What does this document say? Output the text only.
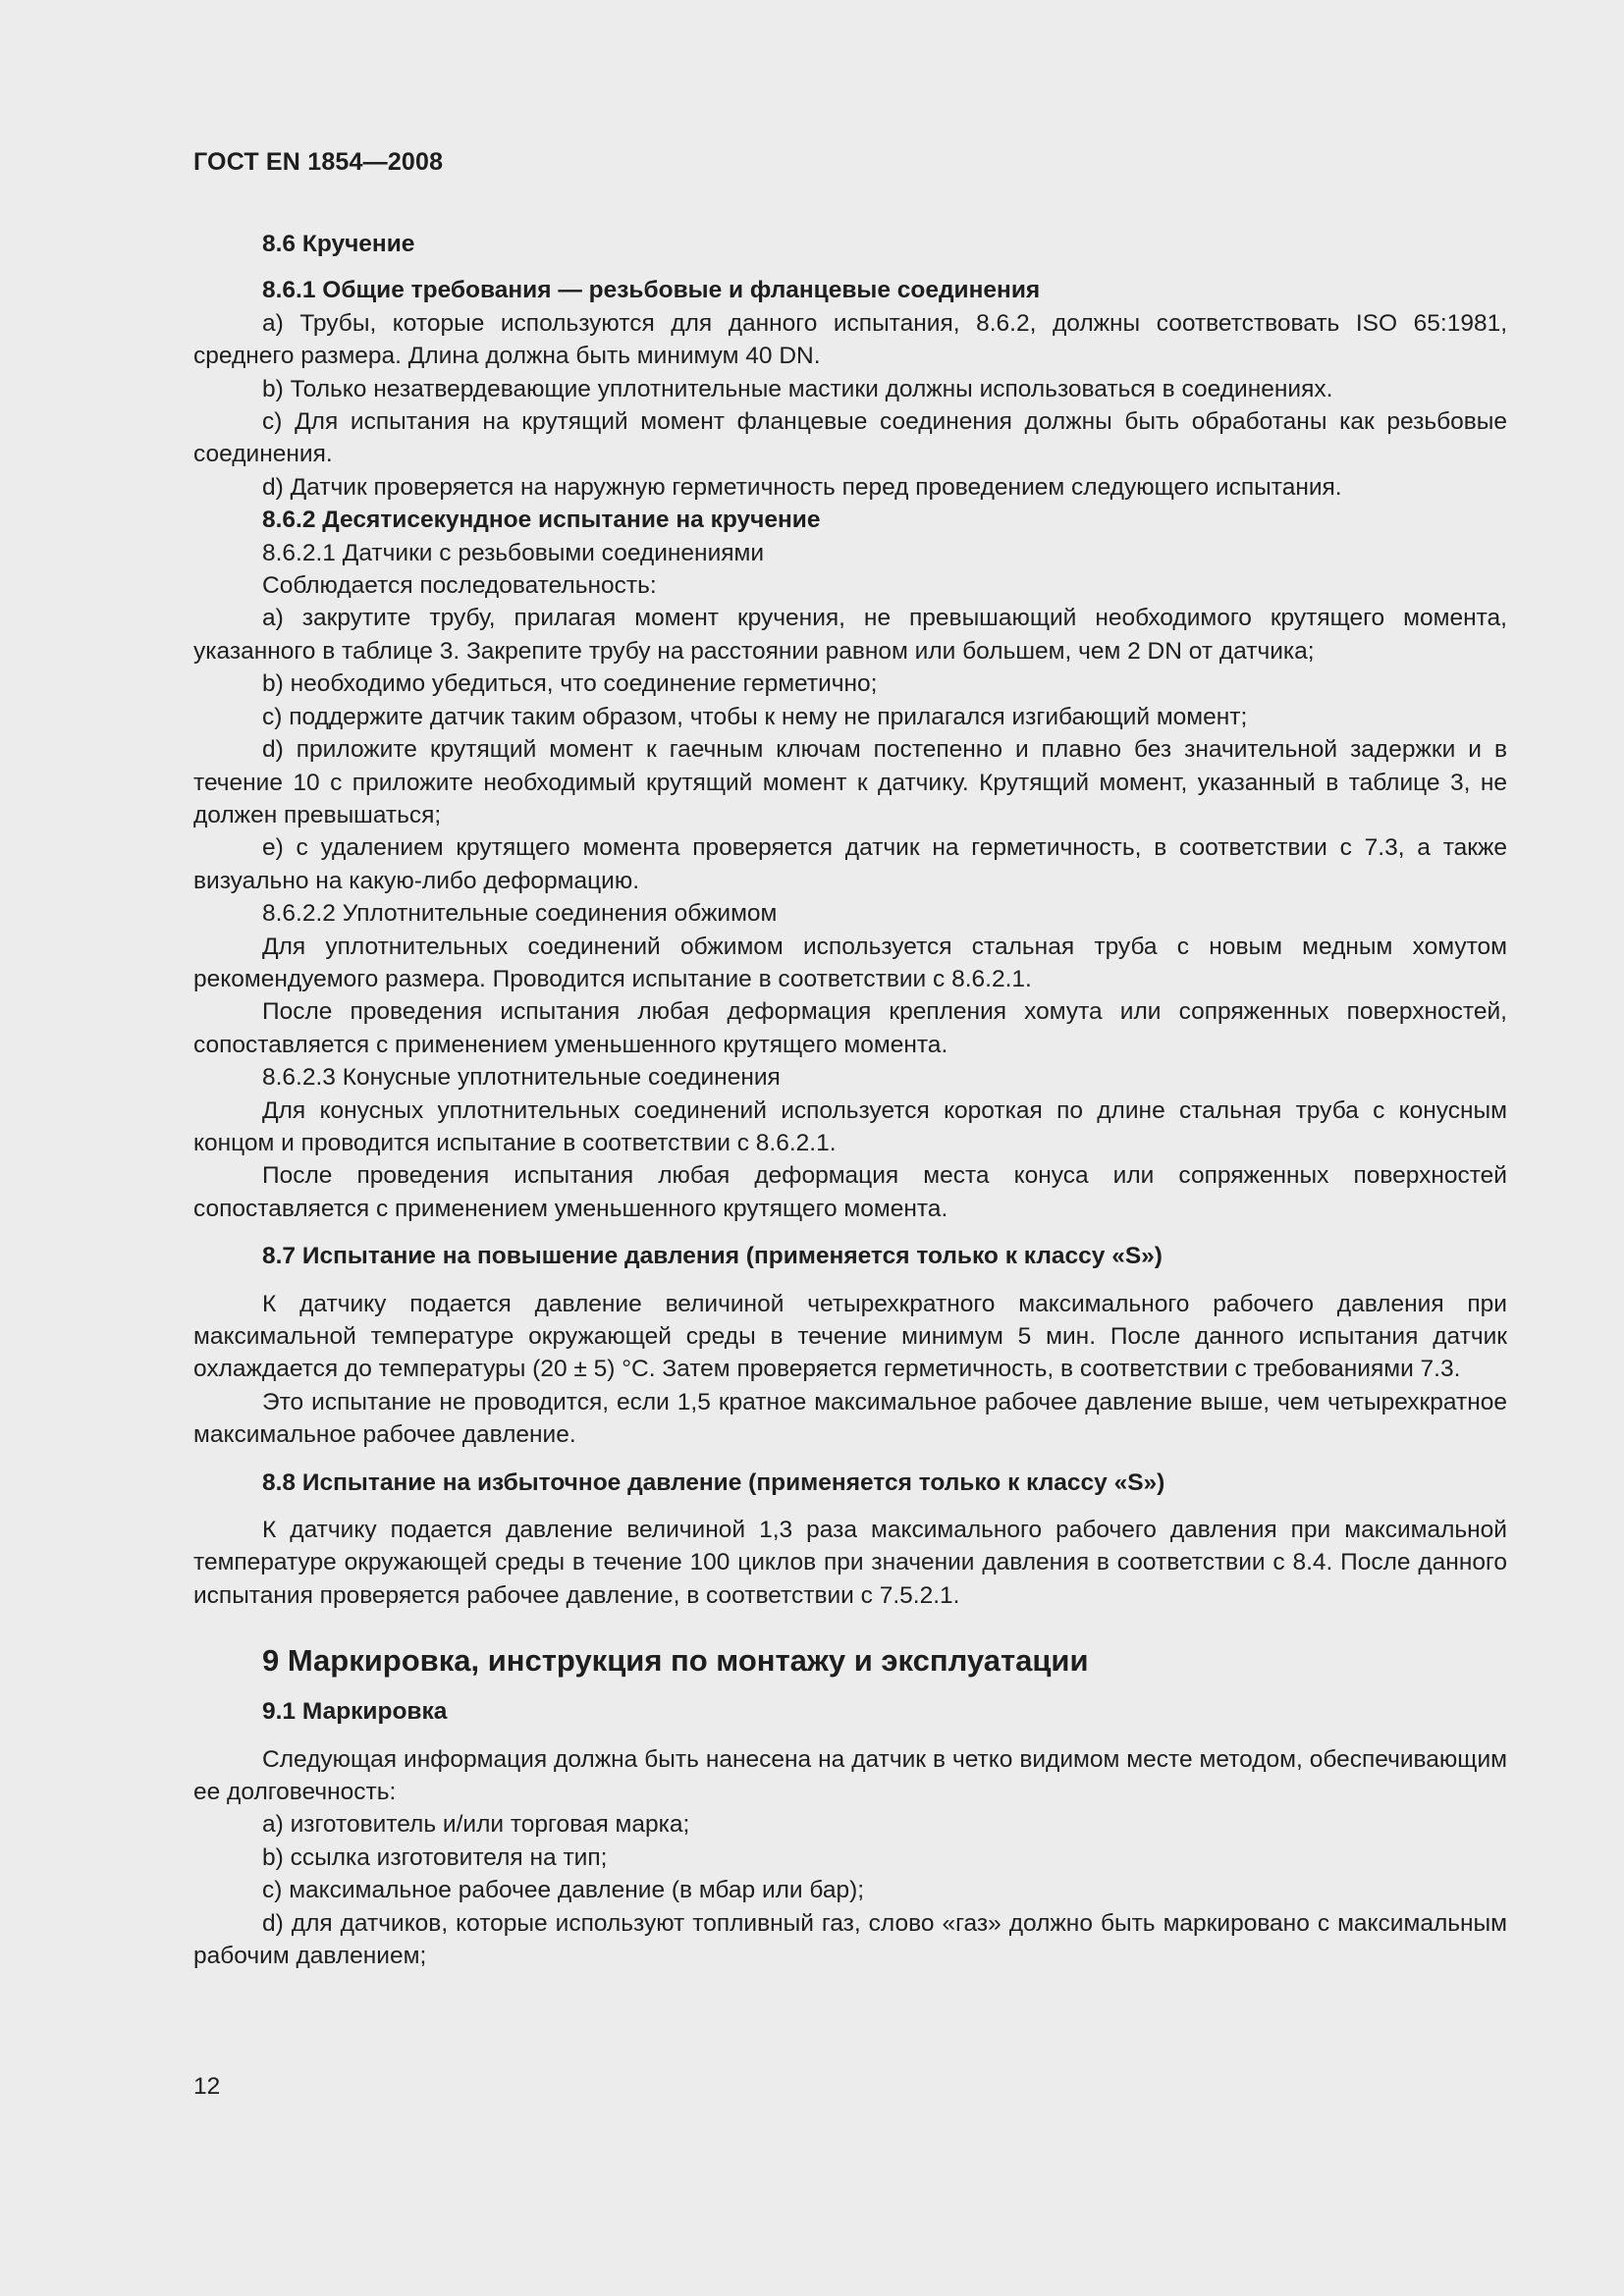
ГОСТ EN 1854—2008

8.6 Кручение

8.6.1 Общие требования — резьбовые и фланцевые соединения

a) Трубы, которые используются для данного испытания, 8.6.2, должны соответствовать ISO 65:1981, среднего размера. Длина должна быть минимум 40 DN.

b) Только незатвердевающие уплотнительные мастики должны использоваться в соединениях.

c) Для испытания на крутящий момент фланцевые соединения должны быть обработаны как резьбовые соединения.

d) Датчик проверяется на наружную герметичность перед проведением следующего испытания.

8.6.2 Десятисекундное испытание на кручение

8.6.2.1 Датчики с резьбовыми соединениями

Соблюдается последовательность:

a) закрутите трубу, прилагая момент кручения, не превышающий необходимого крутящего момента, указанного в таблице 3. Закрепите трубу на расстоянии равном или большем, чем 2 DN от датчика;

b) необходимо убедиться, что соединение герметично;

c) поддержите датчик таким образом, чтобы к нему не прилагался изгибающий момент;

d) приложите крутящий момент к гаечным ключам постепенно и плавно без значительной задержки и в течение 10 с приложите необходимый крутящий момент к датчику. Крутящий момент, указанный в таблице 3, не должен превышаться;

e) с удалением крутящего момента проверяется датчик на герметичность, в соответствии с 7.3, а также визуально на какую-либо деформацию.

8.6.2.2 Уплотнительные соединения обжимом

Для уплотнительных соединений обжимом используется стальная труба с новым медным хомутом рекомендуемого размера. Проводится испытание в соответствии с 8.6.2.1.

После проведения испытания любая деформация крепления хомута или сопряженных поверхностей, сопоставляется с применением уменьшенного крутящего момента.

8.6.2.3 Конусные уплотнительные соединения

Для конусных уплотнительных соединений используется короткая по длине стальная труба с конусным концом и проводится испытание в соответствии с 8.6.2.1.

После проведения испытания любая деформация места конуса или сопряженных поверхностей сопоставляется с применением уменьшенного крутящего момента.

8.7 Испытание на повышение давления (применяется только к классу «S»)

К датчику подается давление величиной четырехкратного максимального рабочего давления при максимальной температуре окружающей среды в течение минимум 5 мин. После данного испытания датчик охлаждается до температуры (20 ± 5) °С. Затем проверяется герметичность, в соответствии с требованиями 7.3.

Это испытание не проводится, если 1,5 кратное максимальное рабочее давление выше, чем четырехкратное максимальное рабочее давление.

8.8 Испытание на избыточное давление (применяется только к классу «S»)

К датчику подается давление величиной 1,3 раза максимального рабочего давления при максимальной температуре окружающей среды в течение 100 циклов при значении давления в соответствии с 8.4. После данного испытания проверяется рабочее давление, в соответствии с 7.5.2.1.

9 Маркировка, инструкция по монтажу и эксплуатации

9.1 Маркировка

Следующая информация должна быть нанесена на датчик в четко видимом месте методом, обеспечивающим ее долговечность:

a) изготовитель и/или торговая марка;

b) ссылка изготовителя на тип;

c) максимальное рабочее давление (в мбар или бар);

d) для датчиков, которые используют топливный газ, слово «газ» должно быть маркировано с максимальным рабочим давлением;

12
